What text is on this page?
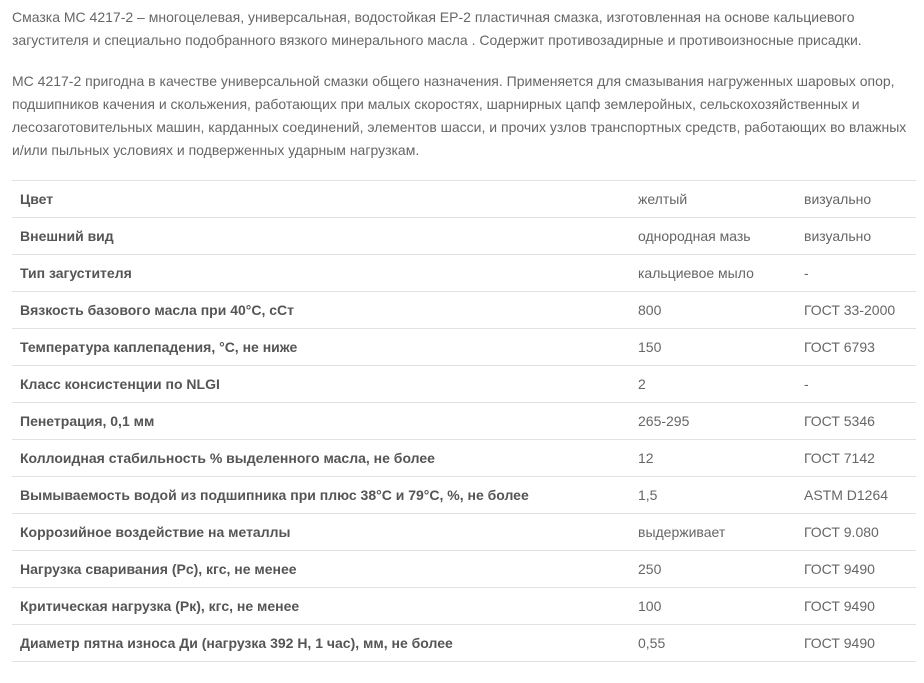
Смазка МС 4217-2 – многоцелевая, универсальная, водостойкая ЕР-2 пластичная смазка, изготовленная на основе кальциевого загустителя и специально подобранного вязкого минерального масла . Содержит противозадирные и противоизносные присадки.

МС 4217-2 пригодна в качестве универсальной смазки общего назначения. Применяется для смазывания нагруженных шаровых опор, подшипников качения и скольжения, работающих при малых скоростях, шарнирных цапф землеройных, сельскохозяйственных и лесозаготовительных машин, карданных соединений, элементов шасси, и прочих узлов транспортных средств, работающих во влажных и/или пыльных условиях и подверженных ударным нагрузкам.

Цвет	желтый	визуально
Внешний вид	однородная мазь	визуально
Тип загустителя	кальциевое мыло	-
Вязкость базового масла при 40°С, сСт	800	ГОСТ 33-2000
Температура каплепадения, °С, не ниже	150	ГОСТ 6793
Класс консистенции по NLGI	2	-
Пенетрация, 0,1 мм	265-295	ГОСТ 5346
Коллоидная стабильность % выделенного масла, не более	12	ГОСТ 7142
Вымываемость водой из подшипника при плюс 38°С и 79°С, %, не более	1,5	ASTM D1264
Коррозийное воздействие на металлы	выдерживает	ГОСТ 9.080
Нагрузка сваривания (Рс), кгс, не менее	250	ГОСТ 9490
Критическая нагрузка (Рк), кгс, не менее	100	ГОСТ 9490
Диаметр пятна износа Ди (нагрузка 392 Н, 1 час), мм, не более	0,55	ГОСТ 9490
